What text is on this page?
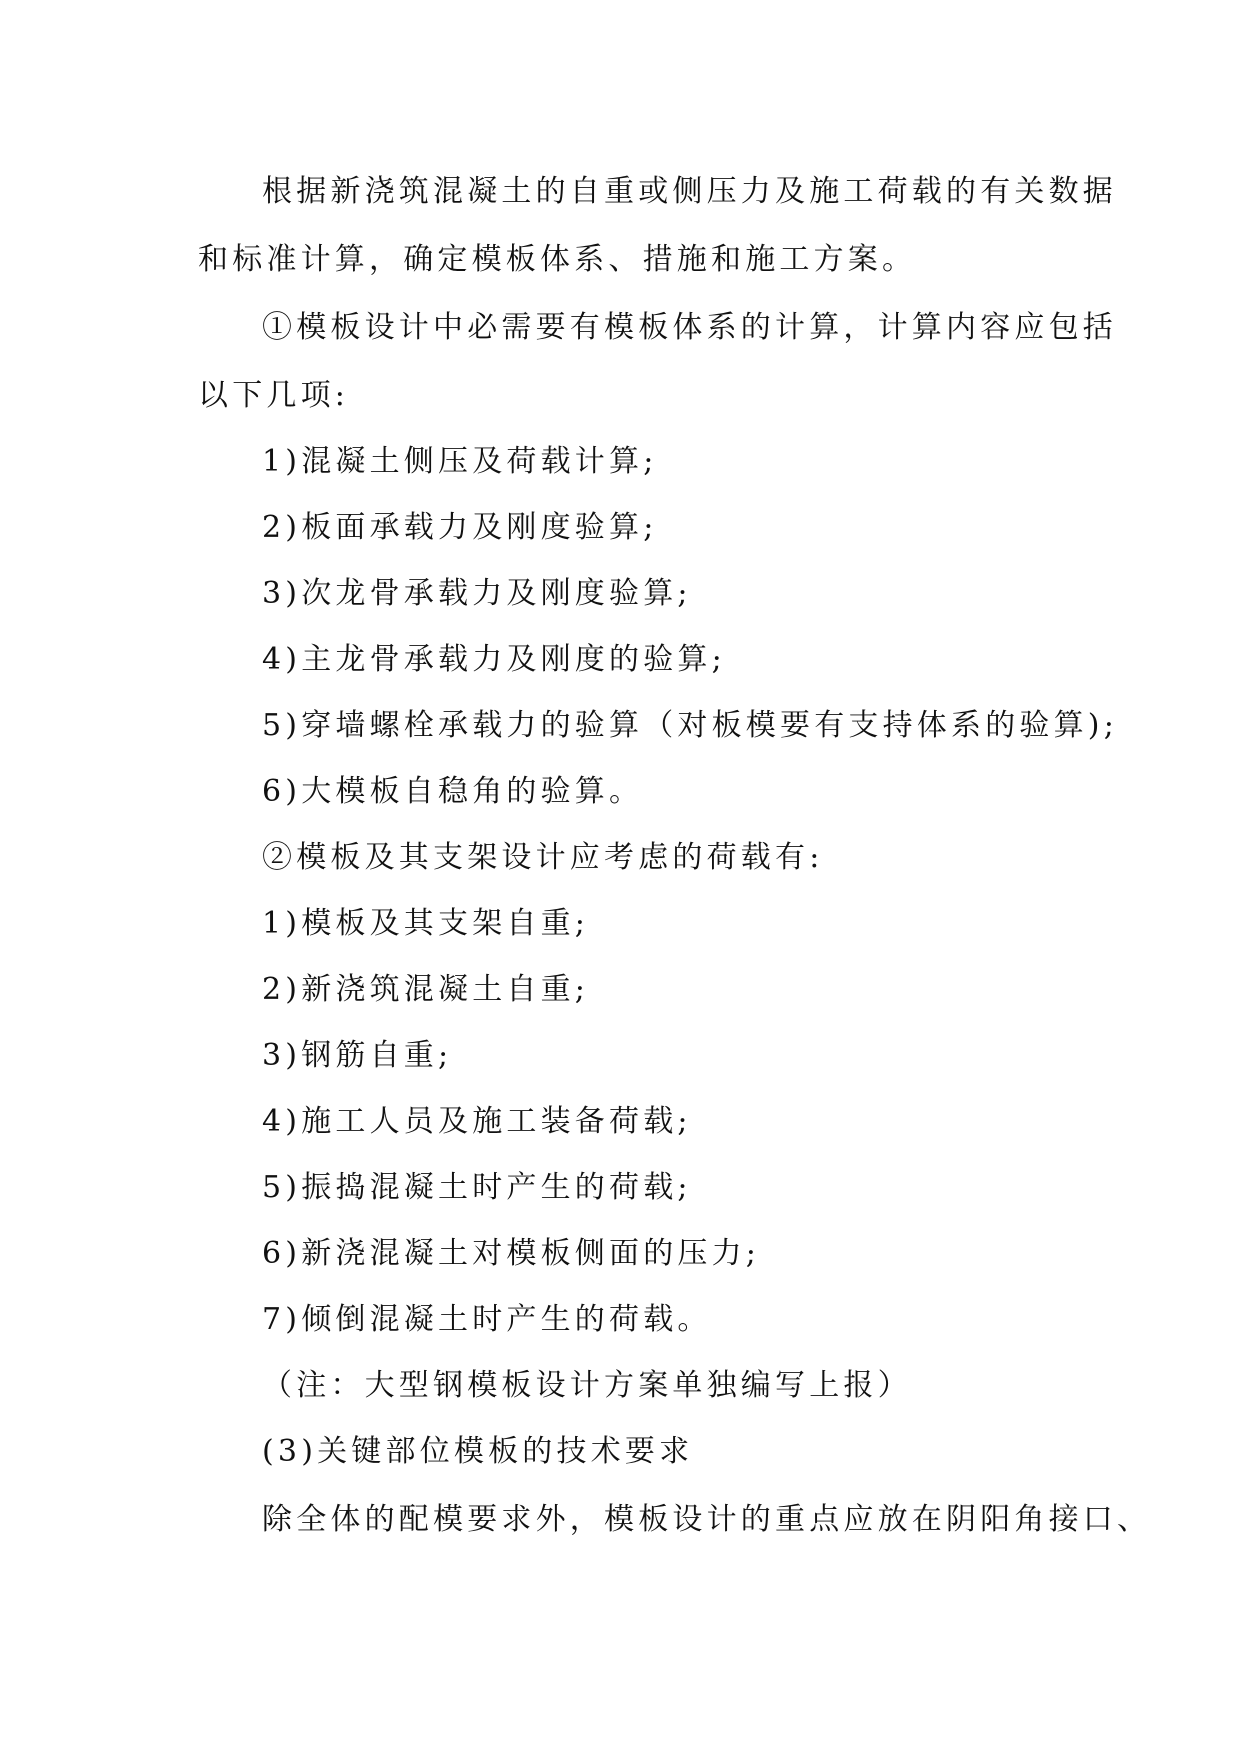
根据新浇筑混凝土的自重或侧压力及施工荷载的有关数据
和标准计算，确定模板体系、措施和施工方案。
①模板设计中必需要有模板体系的计算，计算内容应包括
以下几项:
1)混凝土侧压及荷载计算;
2)板面承载力及刚度验算;
3)次龙骨承载力及刚度验算;
4)主龙骨承载力及刚度的验算;
5)穿墙螺栓承载力的验算（对板模要有支持体系的验算);
6)大模板自稳角的验算。
②模板及其支架设计应考虑的荷载有:
1)模板及其支架自重;
2)新浇筑混凝土自重;
3)钢筋自重;
4)施工人员及施工装备荷载;
5)振捣混凝土时产生的荷载;
6)新浇混凝土对模板侧面的压力;
7)倾倒混凝土时产生的荷载。
（注：大型钢模板设计方案单独编写上报）
(3)关键部位模板的技术要求
除全体的配模要求外，模板设计的重点应放在阴阳角接口、
